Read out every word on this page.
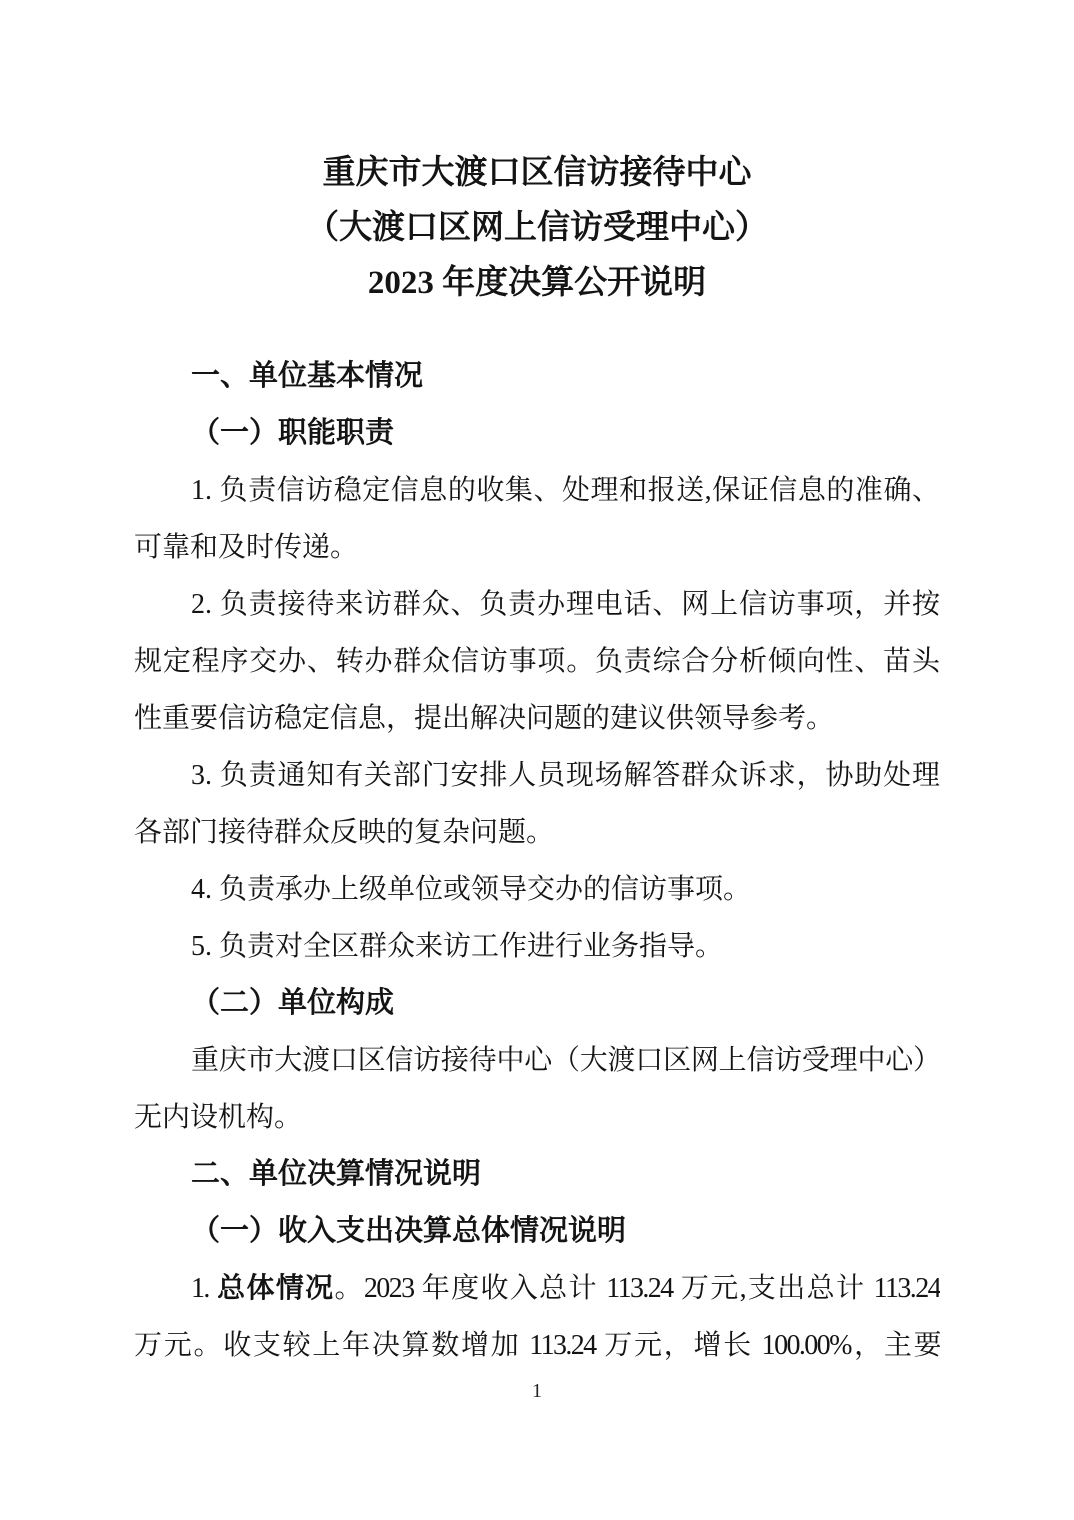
重庆市大渡口区信访接待中心
（大渡口区网上信访受理中心）
2023 年度决算公开说明
一、单位基本情况
（一）职能职责
1. 负责信访稳定信息的收集、处理和报送,保证信息的准确、
可靠和及时传递。
2. 负责接待来访群众、负责办理电话、网上信访事项，并按
规定程序交办、转办群众信访事项。负责综合分析倾向性、苗头
性重要信访稳定信息，提出解决问题的建议供领导参考。
3. 负责通知有关部门安排人员现场解答群众诉求，协助处理
各部门接待群众反映的复杂问题。
4. 负责承办上级单位或领导交办的信访事项。
5. 负责对全区群众来访工作进行业务指导。
（二）单位构成
重庆市大渡口区信访接待中心（大渡口区网上信访受理中心）
无内设机构。
二、单位决算情况说明
（一）收入支出决算总体情况说明
1. 总体情况。2023 年度收入总计 113.24 万元,支出总计 113.24
万元。收支较上年决算数增加 113.24 万元，增长 100.00%，主要
1
